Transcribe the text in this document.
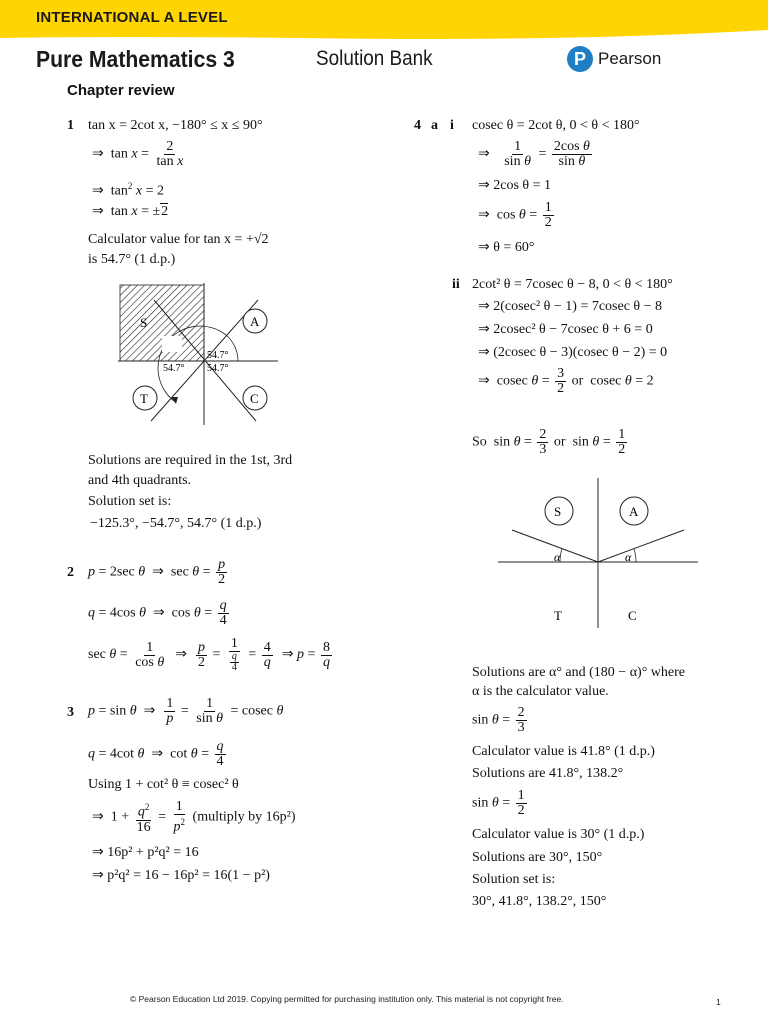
INTERNATIONAL A LEVEL
Pure Mathematics 3	Solution Bank	P Pearson
Chapter review
1 tan x = 2cot x, −180° ≤ x ≤ 90°
⇒  $\tan x = \frac{2}{\text{tan x}}$
⇒  $\tan^2 x = 2$
⇒  tan x = ±2
Calculator value for tan x = +√2
is 54.7° (1 d.p.)
S	A
T	C
54.7°
54.7°
54.7°
Solutions are required in the 1st, 3rd
and 4th quadrants.
Solution set is:
−125.3°, −54.7°, 54.7° (1 d.p.)
2 p = 2sec θ  ⇒  $\sec \theta = \frac{p}{2}$
q = 4cos θ  ⇒  $\cos \theta = \frac{q}{4}$
$\sec \theta = \frac{1}{\text{cos θ}}$ ⇒ $\frac{p}{2} = \frac{1}{\frac{q}{4}} = \frac{4}{q}$ ⇒ $p = \frac{8}{q}$
3 p = sin θ  ⇒ $\frac{1}{p} = \frac{1}{\text{sin θ}} = cosec$ θ
q = 4cot θ  ⇒  $\cot \theta = \frac{q}{4}$
Using 1 + cot² θ ≡ cosec² θ
⇒  $1 + \frac{q^2}{16} = \frac{1}{p^2}$ (multiply by 16p²)
⇒ 16p² + p²q² = 16
⇒ p²q² = 16 − 16p² = 16(1 − p²)
4 a i cosec θ = 2cot θ, 0 < θ < 180°
⇒ $\frac{1}{\text{sin θ}} = \frac{\text{2cos θ}}{\text{sin θ}}$
⇒ 2cos θ = 1
⇒  $\cos \theta = \frac{1}{2}$
⇒ θ = 60°
ii 2cot² θ = 7cosec θ − 8, 0 < θ < 180°
⇒ 2(cosec² θ − 1) = 7cosec θ − 8
⇒ 2cosec² θ − 7cosec θ + 6 = 0
⇒ (2cosec θ − 3)(cosec θ − 2) = 0
⇒  cosec $\theta = \frac{3}{2}$ or  cosec θ = 2
So  $\sin \theta = \frac{2}{3}$ or  $\sin \theta = \frac{1}{2}$
S	A
α	α
T	C
Solutions are α° and (180 − α)° where
α is the calculator value.
$\sin \theta = \frac{2}{3}$
Calculator value is 41.8° (1 d.p.)
Solutions are 41.8°, 138.2°
$\sin \theta = \frac{1}{2}$
Calculator value is 30° (1 d.p.)
Solutions are 30°, 150°
Solution set is:
30°, 41.8°, 138.2°, 150°
© Pearson Education Ltd 2019. Copying permitted for purchasing institution only. This material is not copyright free.	1
